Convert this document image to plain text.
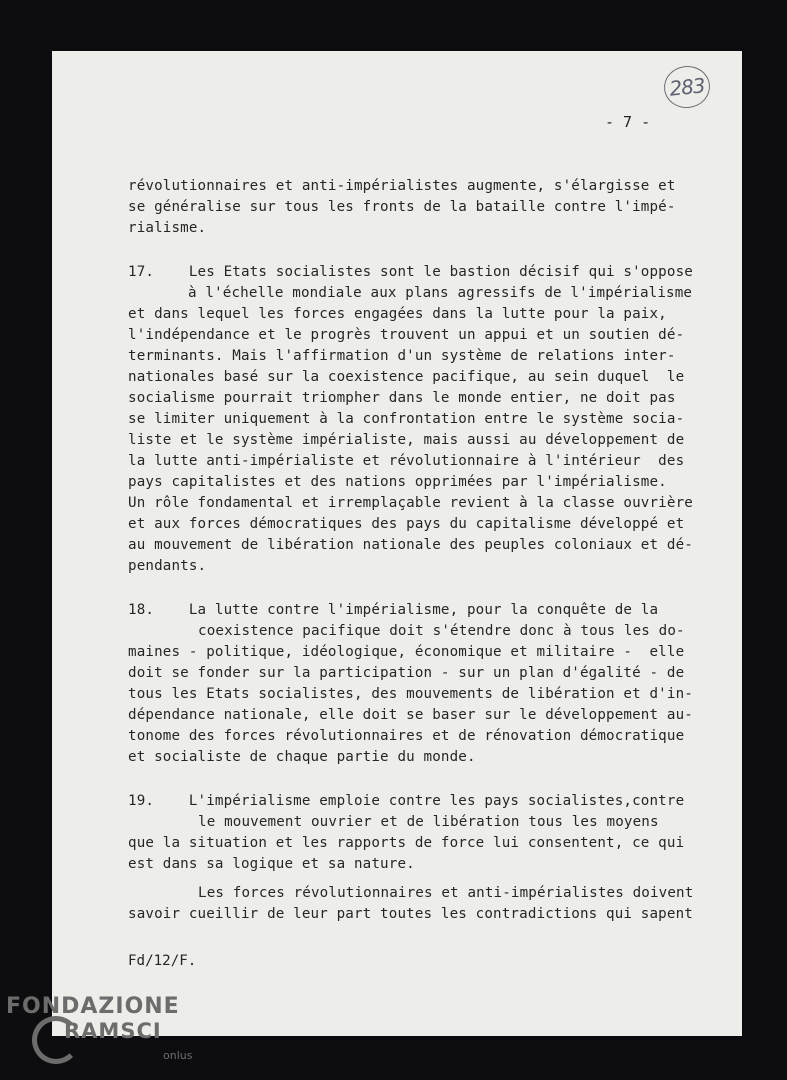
283
- 7 -
révolutionnaires et anti-impérialistes augmente, s'élargisse et
se généralise sur tous les fronts de la bataille contre l'impé-
rialisme.
17.    Les Etats socialistes sont le bastion décisif qui s'oppose
à l'échelle mondiale aux plans agressifs de l'impérialisme
et dans lequel les forces engagées dans la lutte pour la paix,
l'indépendance et le progrès trouvent un appui et un soutien dé-
terminants. Mais l'affirmation d'un système de relations inter-
nationales basé sur la coexistence pacifique, au sein duquel  le
socialisme pourrait triompher dans le monde entier, ne doit pas
se limiter uniquement à la confrontation entre le système socia-
liste et le système impérialiste, mais aussi au développement de
la lutte anti-impérialiste et révolutionnaire à l'intérieur  des
pays capitalistes et des nations opprimées par l'impérialisme.
Un rôle fondamental et irremplaçable revient à la classe ouvrière
et aux forces démocratiques des pays du capitalisme développé et
au mouvement de libération nationale des peuples coloniaux et dé-
pendants.
18.    La lutte contre l'impérialisme, pour la conquête de la
coexistence pacifique doit s'étendre donc à tous les do-
maines - politique, idéologique, économique et militaire -  elle
doit se fonder sur la participation - sur un plan d'égalité - de
tous les Etats socialistes, des mouvements de libération et d'in-
dépendance nationale, elle doit se baser sur le développement au-
tonome des forces révolutionnaires et de rénovation démocratique
et socialiste de chaque partie du monde.
19.    L'impérialisme emploie contre les pays socialistes,contre
le mouvement ouvrier et de libération tous les moyens
que la situation et les rapports de force lui consentent, ce qui
est dans sa logique et sa nature.
Les forces révolutionnaires et anti-impérialistes doivent
savoir cueillir de leur part toutes les contradictions qui sapent
Fd/12/F.
FONDAZIONE
RAMSCI
onlus
